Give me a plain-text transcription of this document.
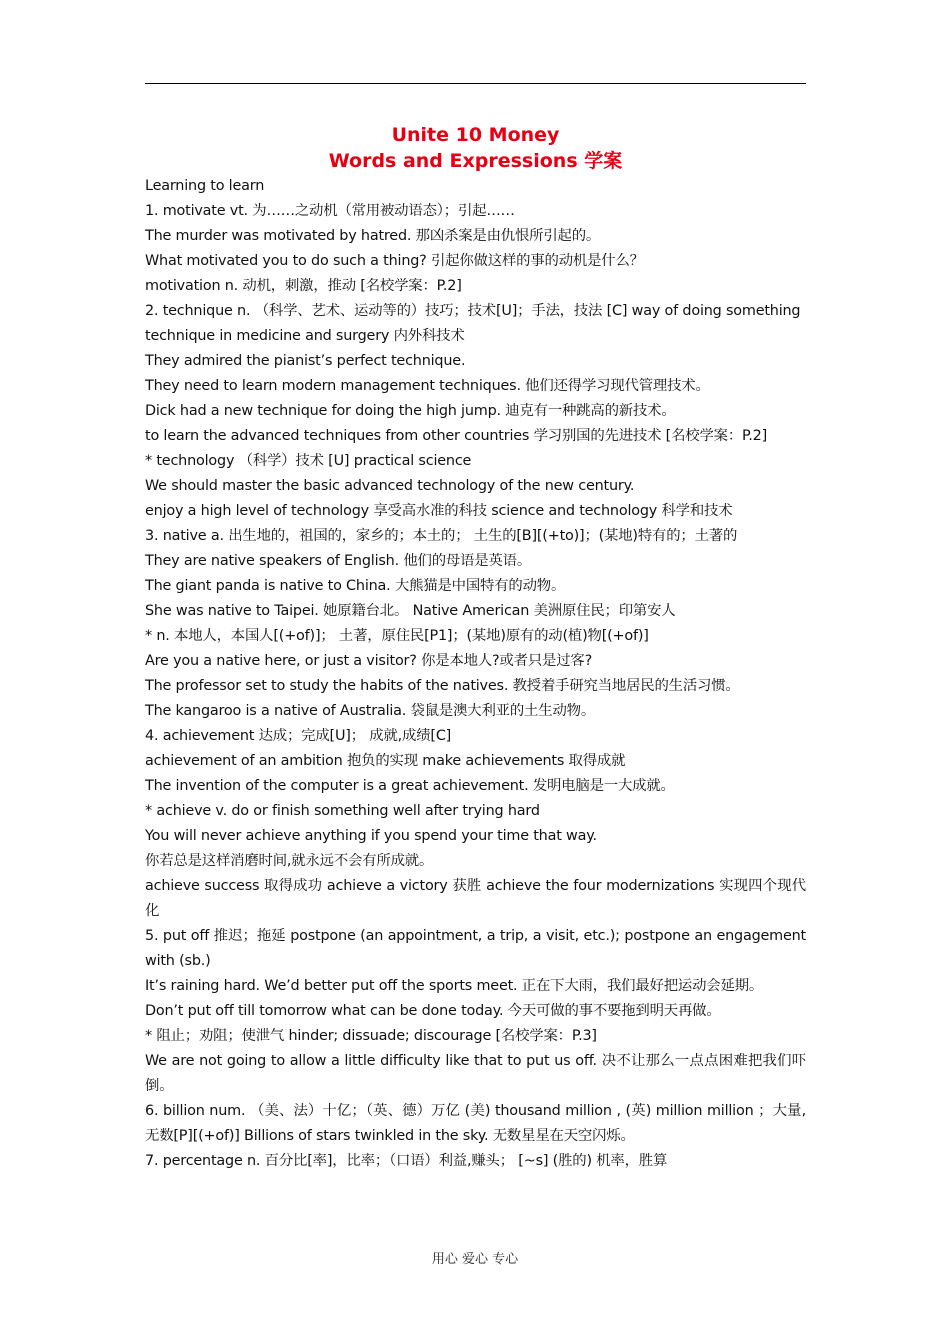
Unite 10 Money
Words and Expressions 学案
Learning to learn
1. motivate vt. 为……之动机（常用被动语态）；引起……
The murder was motivated by hatred. 那凶杀案是由仇恨所引起的。
What motivated you to do such a thing? 引起你做这样的事的动机是什么？
motivation n. 动机，刺激，推动 [名校学案：P.2]
2. technique n. （科学、艺术、运动等的）技巧；技术[U]；手法，技法 [C] way of doing something
technique in medicine and surgery 内外科技术
They admired the pianist’s perfect technique.
They need to learn modern management techniques. 他们还得学习现代管理技术。
Dick had a new technique for doing the high jump. 迪克有一种跳高的新技术。
to learn the advanced techniques from other countries 学习别国的先进技术 [名校学案：P.2]
* technology （科学）技术 [U] practical science
We should master the basic advanced technology of the new century.
enjoy a high level of technology 享受高水准的科技 science and technology 科学和技术
3. native a. 出生地的，祖国的，家乡的；本土的； 土生的[B][(+to)]；(某地)特有的；土著的
They are native speakers of English. 他们的母语是英语。
The giant panda is native to China. 大熊猫是中国特有的动物。
She was native to Taipei. 她原籍台北。 Native American 美洲原住民；印第安人
* n. 本地人，本国人[(+of)]； 土著，原住民[P1]；(某地)原有的动(植)物[(+of)]
Are you a native here, or just a visitor? 你是本地人?或者只是过客?
The professor set to study the habits of the natives. 教授着手研究当地居民的生活习惯。
The kangaroo is a native of Australia. 袋鼠是澳大利亚的土生动物。
4. achievement 达成；完成[U]； 成就,成绩[C]
achievement of an ambition 抱负的实现 make achievements 取得成就
The invention of the computer is a great achievement. 发明电脑是一大成就。
* achieve v. do or finish something well after trying hard
You will never achieve anything if you spend your time that way.
你若总是这样消磨时间,就永远不会有所成就。
achieve success 取得成功 achieve a victory 获胜 achieve the four modernizations 实现四个现代化
5. put off 推迟；拖延 postpone (an appointment, a trip, a visit, etc.); postpone an engagement with (sb.)
It’s raining hard. We’d better put off the sports meet. 正在下大雨，我们最好把运动会延期。
Don’t put off till tomorrow what can be done today. 今天可做的事不要拖到明天再做。
* 阻止；劝阻；使泄气 hinder; dissuade; discourage [名校学案：P.3]
We are not going to allow a little difficulty like that to put us off. 决不让那么一点点困难把我们吓倒。
6. billion num. （美、法）十亿；（英、德）万亿 (美) thousand million , (英) million million ；大量,无数[P][(+of)] Billions of stars twinkled in the sky. 无数星星在天空闪烁。
7. percentage n. 百分比[率]，比率；（口语）利益,赚头； [~s] (胜的) 机率，胜算
用心 爱心 专心
